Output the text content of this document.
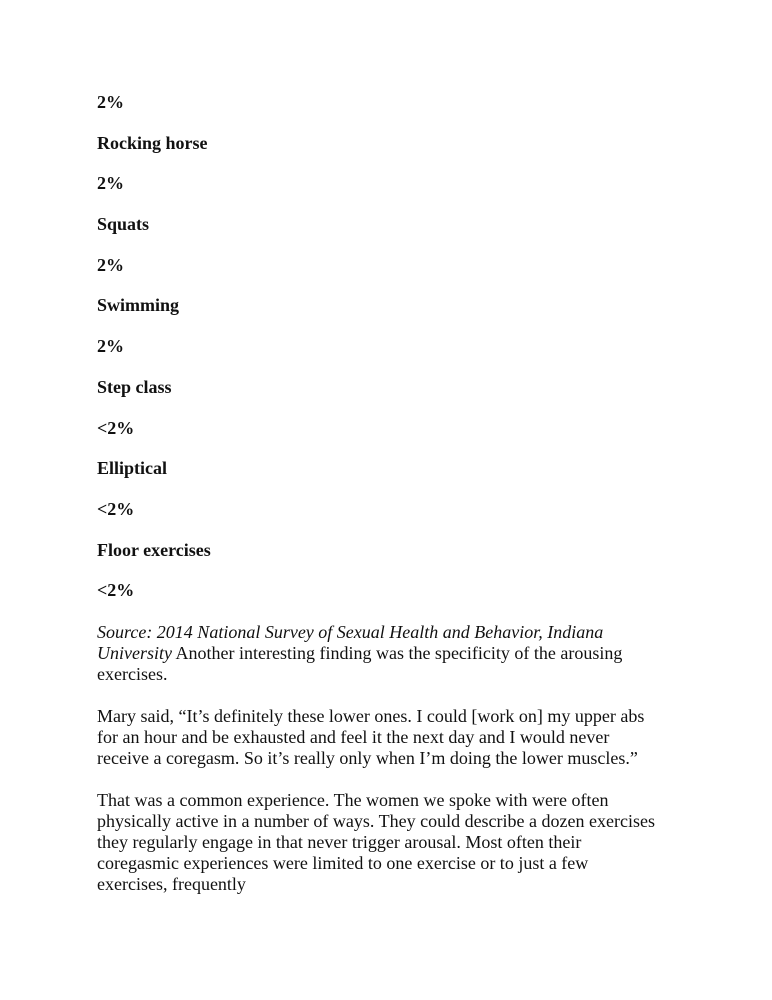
2%
Rocking horse
2%
Squats
2%
Swimming
2%
Step class
<2%
Elliptical
<2%
Floor exercises
<2%
Source: 2014 National Survey of Sexual Health and Behavior, Indiana University Another interesting finding was the specificity of the arousing exercises.
Mary said, “It’s definitely these lower ones. I could [work on] my upper abs for an hour and be exhausted and feel it the next day and I would never receive a coregasm. So it’s really only when I’m doing the lower muscles.”
That was a common experience. The women we spoke with were often physically active in a number of ways. They could describe a dozen exercises they regularly engage in that never trigger arousal. Most often their coregasmic experiences were limited to one exercise or to just a few exercises, frequently
